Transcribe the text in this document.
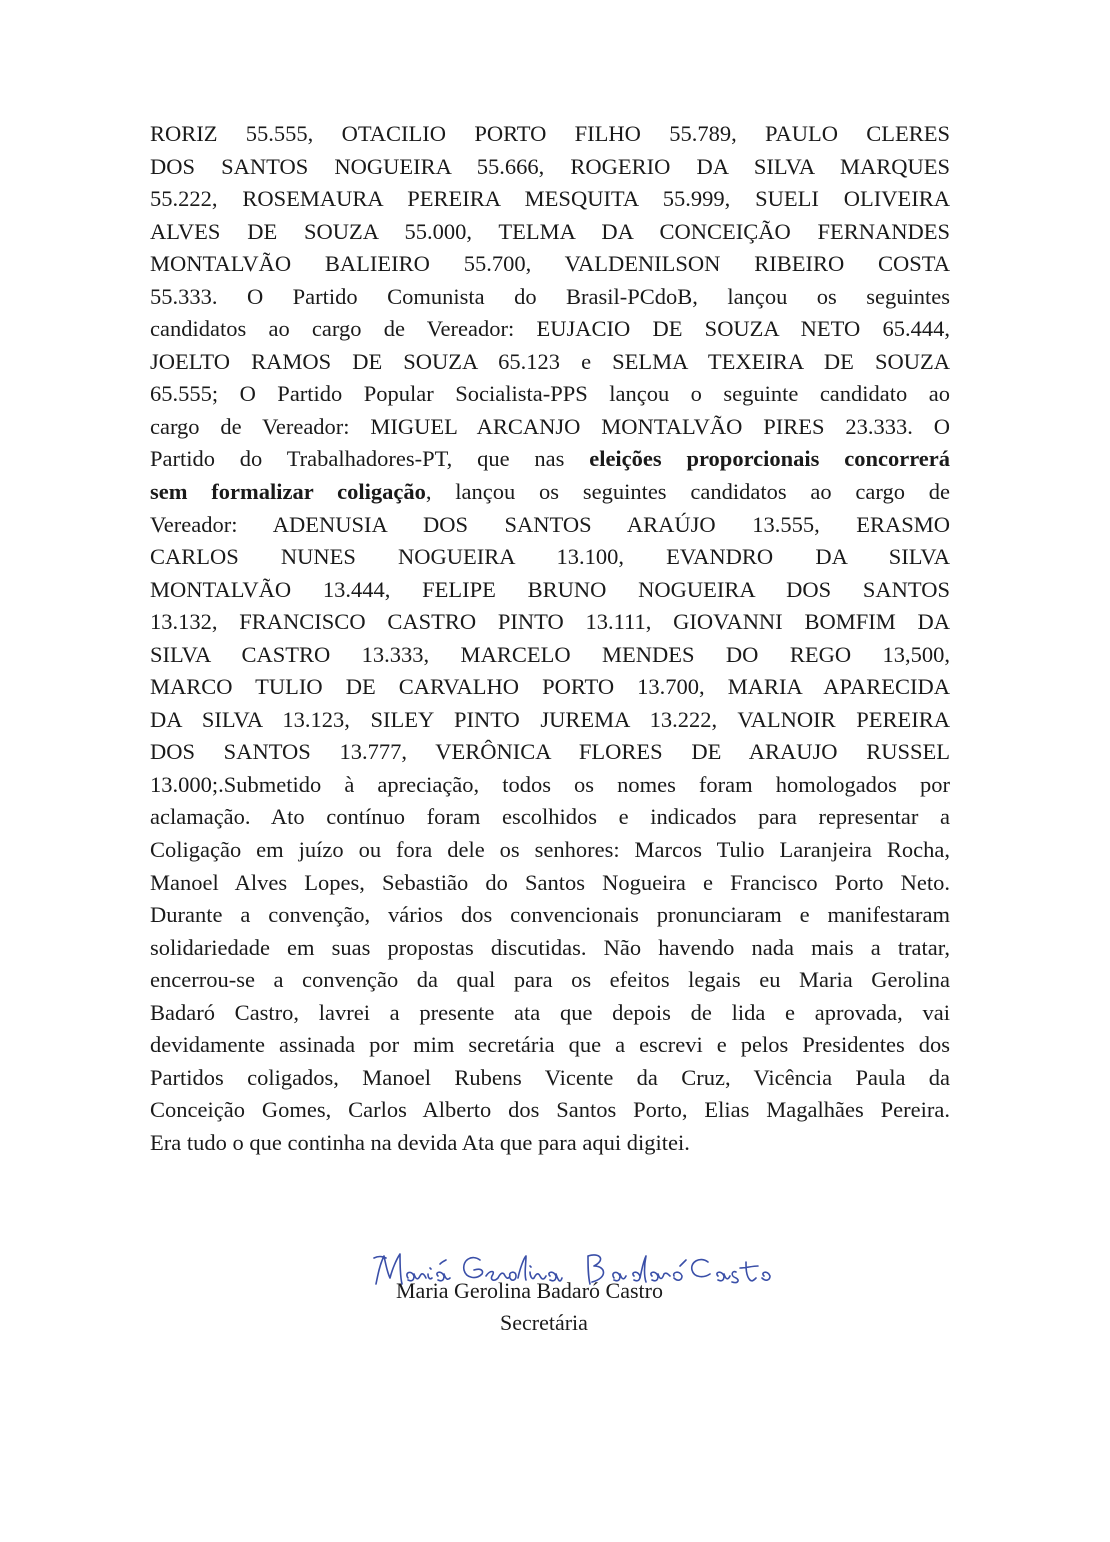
RORIZ 55.555, OTACILIO PORTO FILHO 55.789, PAULO CLERES
DOS SANTOS NOGUEIRA 55.666, ROGERIO DA SILVA MARQUES
55.222, ROSEMAURA PEREIRA MESQUITA 55.999, SUELI OLIVEIRA
ALVES DE SOUZA 55.000, TELMA DA CONCEIÇÃO FERNANDES
MONTALVÃO BALIEIRO 55.700, VALDENILSON RIBEIRO COSTA
55.333. O Partido Comunista do Brasil-PCdoB, lançou os seguintes
candidatos ao cargo de Vereador: EUJACIO DE SOUZA NETO 65.444,
JOELTO RAMOS DE SOUZA 65.123 e SELMA TEXEIRA DE SOUZA
65.555; O Partido Popular Socialista-PPS lançou o seguinte candidato ao
cargo de Vereador: MIGUEL ARCANJO MONTALVÃO PIRES 23.333. O
Partido do Trabalhadores-PT, que nas eleições proporcionais concorrerá
sem formalizar coligação, lançou os seguintes candidatos ao cargo de
Vereador: ADENUSIA DOS SANTOS ARAÚJO 13.555, ERASMO
CARLOS NUNES NOGUEIRA 13.100, EVANDRO DA SILVA
MONTALVÃO 13.444, FELIPE BRUNO NOGUEIRA DOS SANTOS
13.132, FRANCISCO CASTRO PINTO 13.111, GIOVANNI BOMFIM DA
SILVA CASTRO 13.333, MARCELO MENDES DO REGO 13,500,
MARCO TULIO DE CARVALHO PORTO 13.700, MARIA APARECIDA
DA SILVA 13.123, SILEY PINTO JUREMA 13.222, VALNOIR PEREIRA
DOS SANTOS 13.777, VERÔNICA FLORES DE ARAUJO RUSSEL
13.000;.Submetido à apreciação, todos os nomes foram homologados por
aclamação. Ato contínuo foram escolhidos e indicados para representar a
Coligação em juízo ou fora dele os senhores: Marcos Tulio Laranjeira Rocha,
Manoel Alves Lopes, Sebastião do Santos Nogueira e Francisco Porto Neto.
Durante a convenção, vários dos convencionais pronunciaram e manifestaram
solidariedade em suas propostas discutidas. Não havendo nada mais a tratar,
encerrou-se a convenção da qual para os efeitos legais eu Maria Gerolina
Badaró Castro, lavrei a presente ata que depois de lida e aprovada, vai
devidamente assinada por mim secretária que a escrevi e pelos Presidentes dos
Partidos coligados, Manoel Rubens Vicente da Cruz, Vicência Paula da
Conceição Gomes, Carlos Alberto dos Santos Porto, Elias Magalhães Pereira.
Era tudo o que continha na devida Ata que para aqui digitei.
Maria Gerolina Badaró Castro
Secretária
